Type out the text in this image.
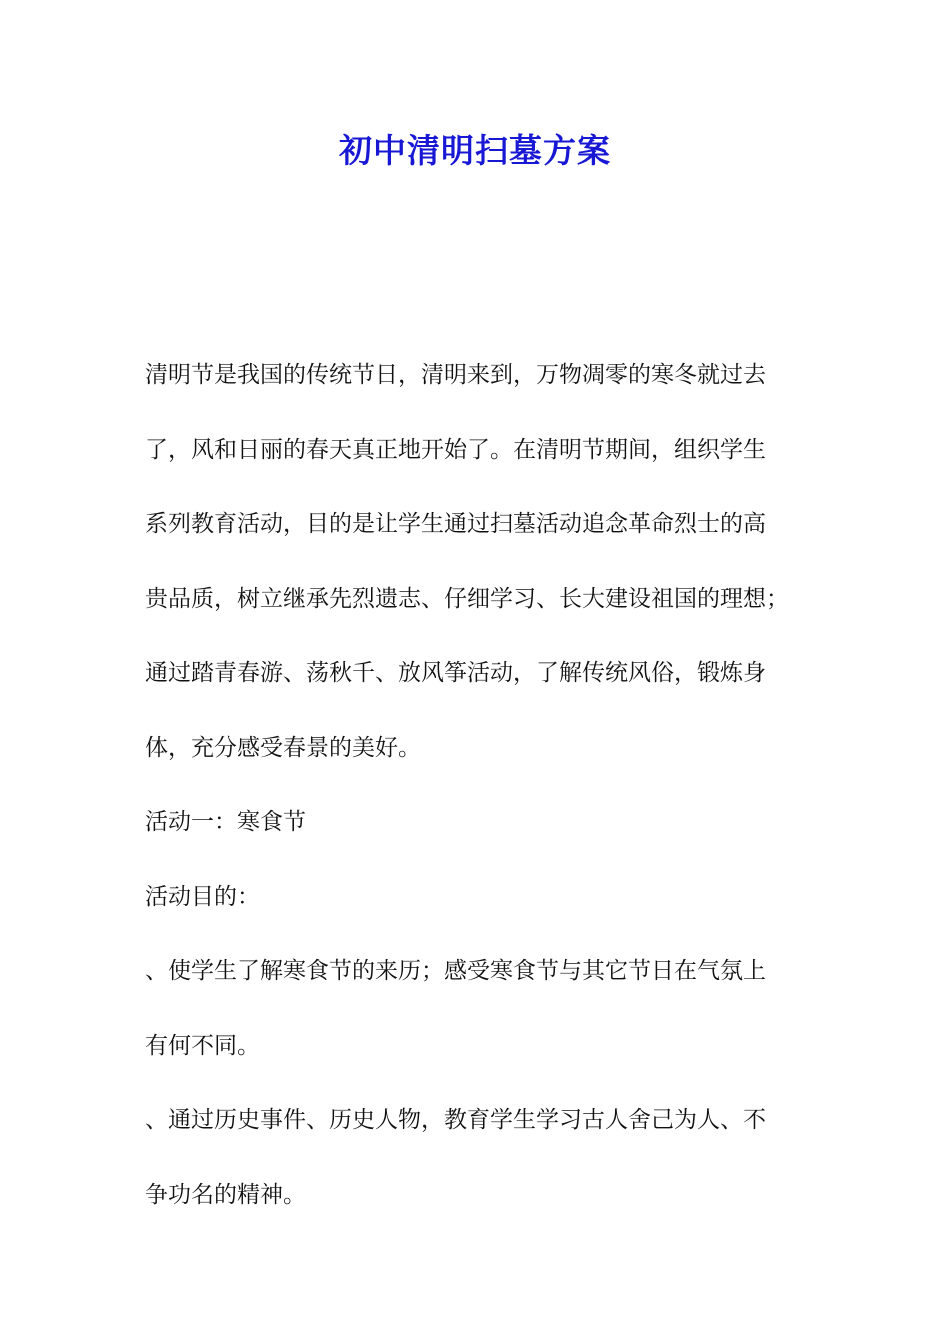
初中清明扫墓方案
清明节是我国的传统节日，清明来到，万物凋零的寒冬就过去
了，风和日丽的春天真正地开始了。在清明节期间，组织学生
系列教育活动，目的是让学生通过扫墓活动追念革命烈士的高
贵品质，树立继承先烈遗志、仔细学习、长大建设祖国的理想；
通过踏青春游、荡秋千、放风筝活动，了解传统风俗，锻炼身
体，充分感受春景的美好。
活动一：寒食节
活动目的：
、使学生了解寒食节的来历；感受寒食节与其它节日在气氛上
有何不同。
、通过历史事件、历史人物，教育学生学习古人舍己为人、不
争功名的精神。
